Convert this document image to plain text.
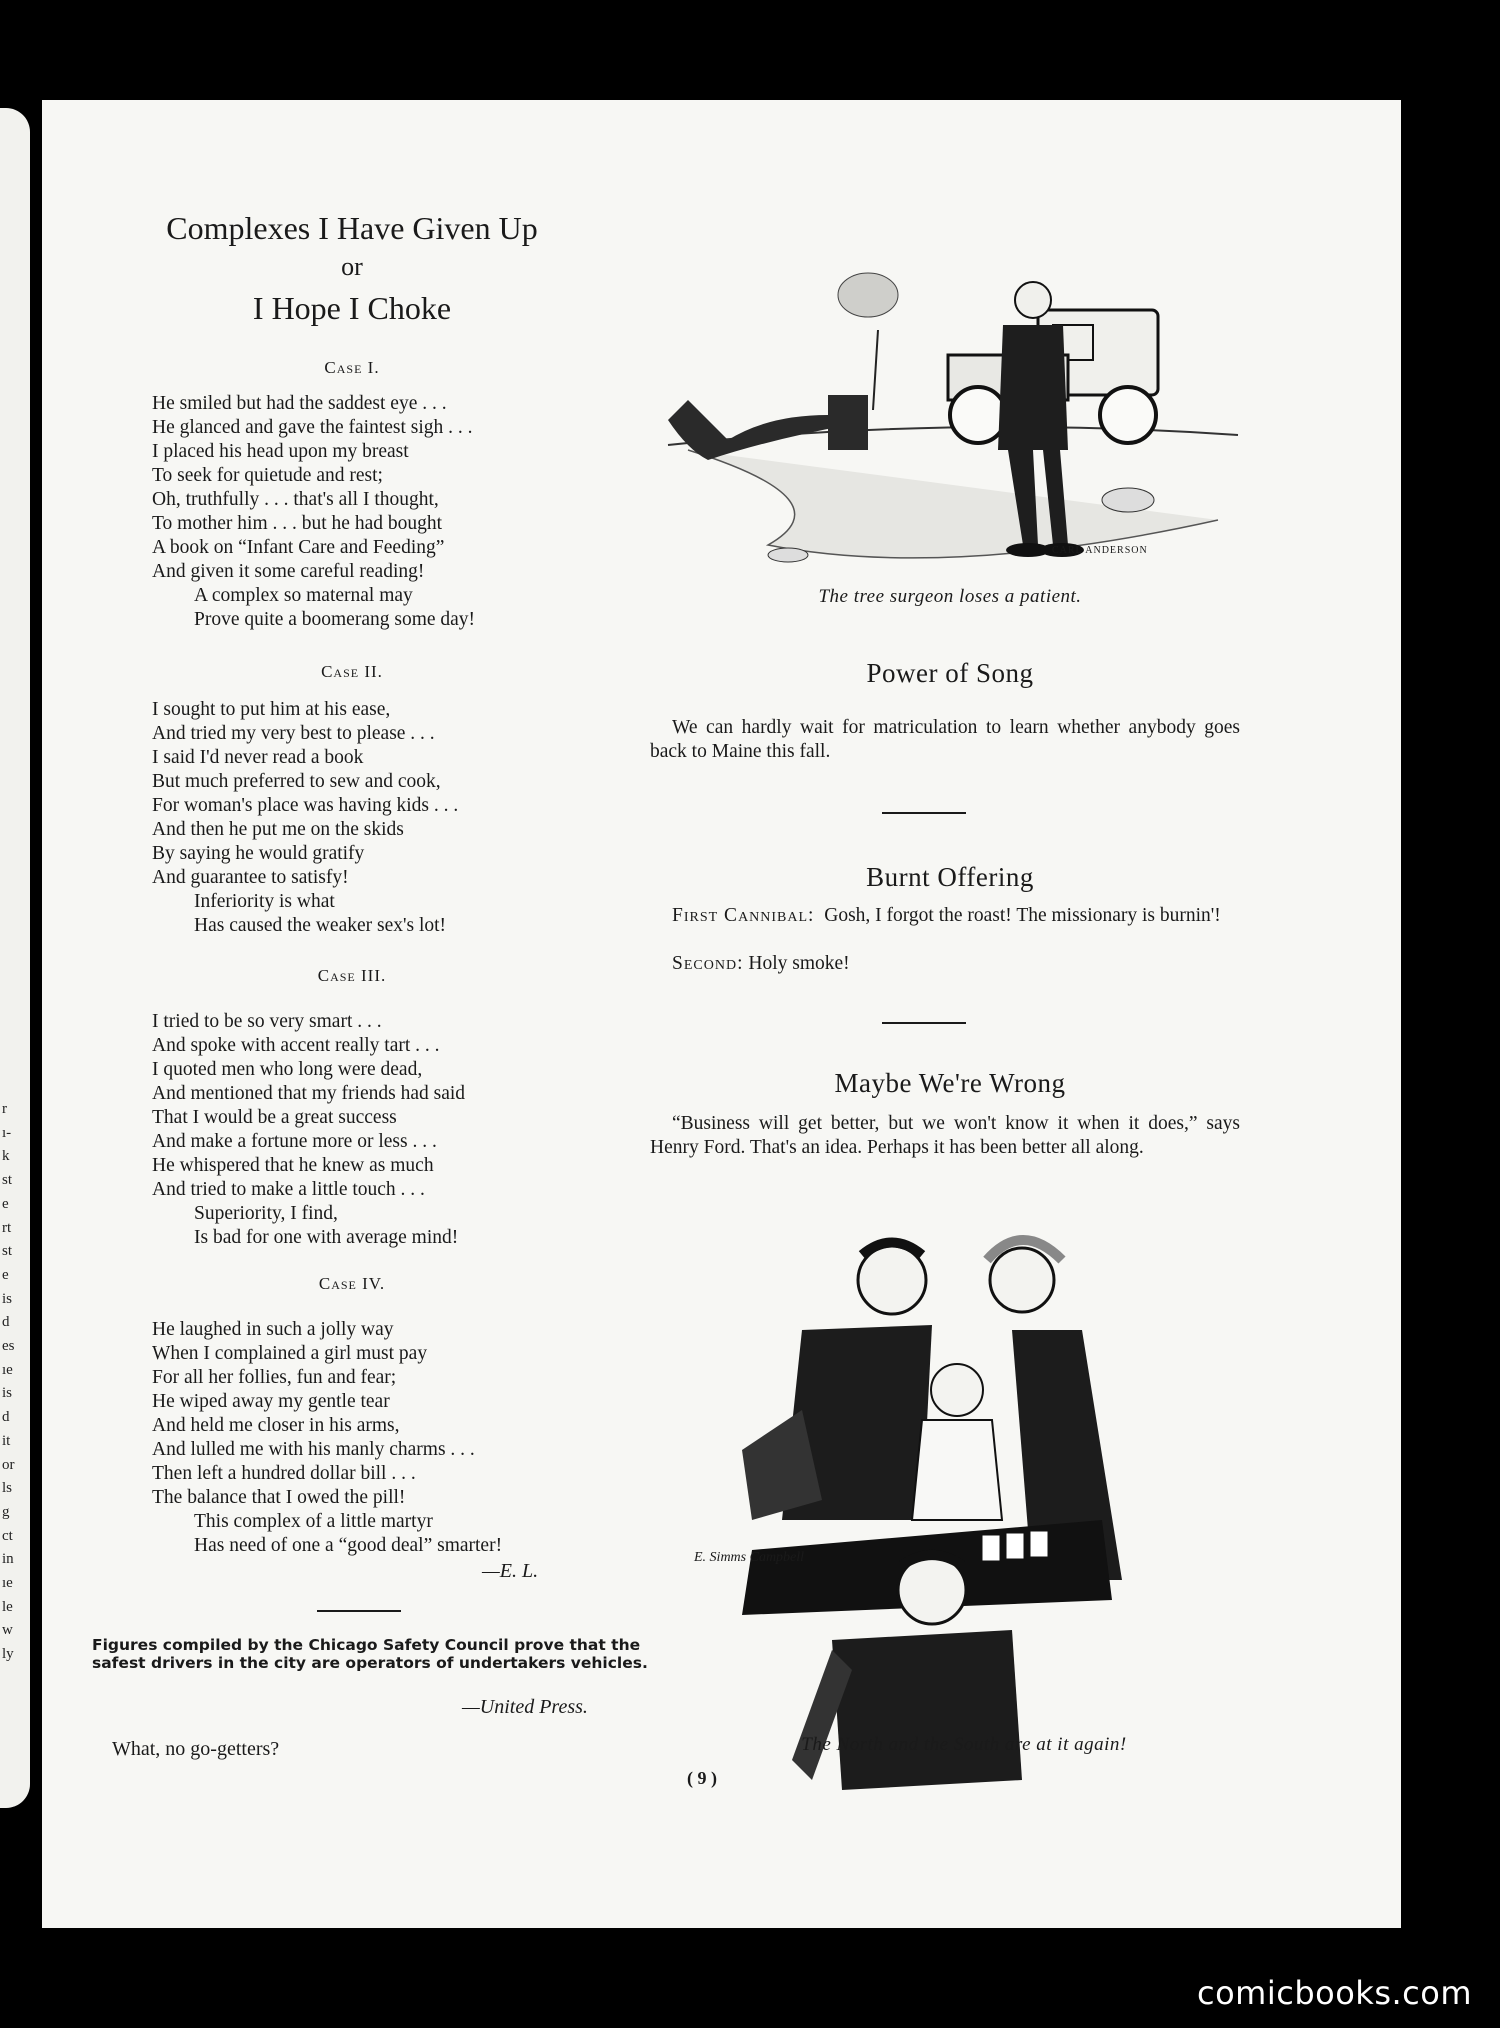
r
ı-
k
st
e
rt
st
e
is
d
es
ıe
is
d
it
or
ls
g
ct
in
ıe
le
w
ly
Complexes I Have Given Up
or
I Hope I Choke
Case I.
He smiled but had the saddest eye . . .
He glanced and gave the faintest sigh . . .
I placed his head upon my breast
To seek for quietude and rest;
Oh, truthfully . . . that's all I thought,
To mother him . . . but he had bought
A book on “Infant Care and Feeding”
And given it some careful reading!
A complex so maternal may
Prove quite a boomerang some day!
Case II.
I sought to put him at his ease,
And tried my very best to please . . .
I said I'd never read a book
But much preferred to sew and cook,
For woman's place was having kids . . .
And then he put me on the skids
By saying he would gratify
And guarantee to satisfy!
Inferiority is what
Has caused the weaker sex's lot!
Case III.
I tried to be so very smart . . .
And spoke with accent really tart . . .
I quoted men who long were dead,
And mentioned that my friends had said
That I would be a great success
And make a fortune more or less . . .
He whispered that he knew as much
And tried to make a little touch . . .
Superiority, I find,
Is bad for one with average mind!
Case IV.
He laughed in such a jolly way
When I complained a girl must pay
For all her follies, fun and fear;
He wiped away my gentle tear
And held me closer in his arms,
And lulled me with his manly charms . . .
Then left a hundred dollar bill . . .
The balance that I owed the pill!
This complex of a little martyr
Has need of one a “good deal” smarter!
—E. L.
Figures compiled by the Chicago Safety Council prove that the safest drivers in the city are operators of undertakers vehicles.
—United Press.
What, no go-getters?
CARL ANDERSON
The tree surgeon loses a patient.
Power of Song
We can hardly wait for matriculation to learn whether anybody goes back to Maine this fall.
Burnt Offering
First Cannibal: Gosh, I forgot the roast! The missionary is burnin'!
Second: Holy smoke!
Maybe We're Wrong
“Business will get better, but we won't know it when it does,” says Henry Ford. That's an idea. Perhaps it has been better all along.
E. Simms Campbell
The North and the South are at it again!
( 9 )
comicbooks.com
